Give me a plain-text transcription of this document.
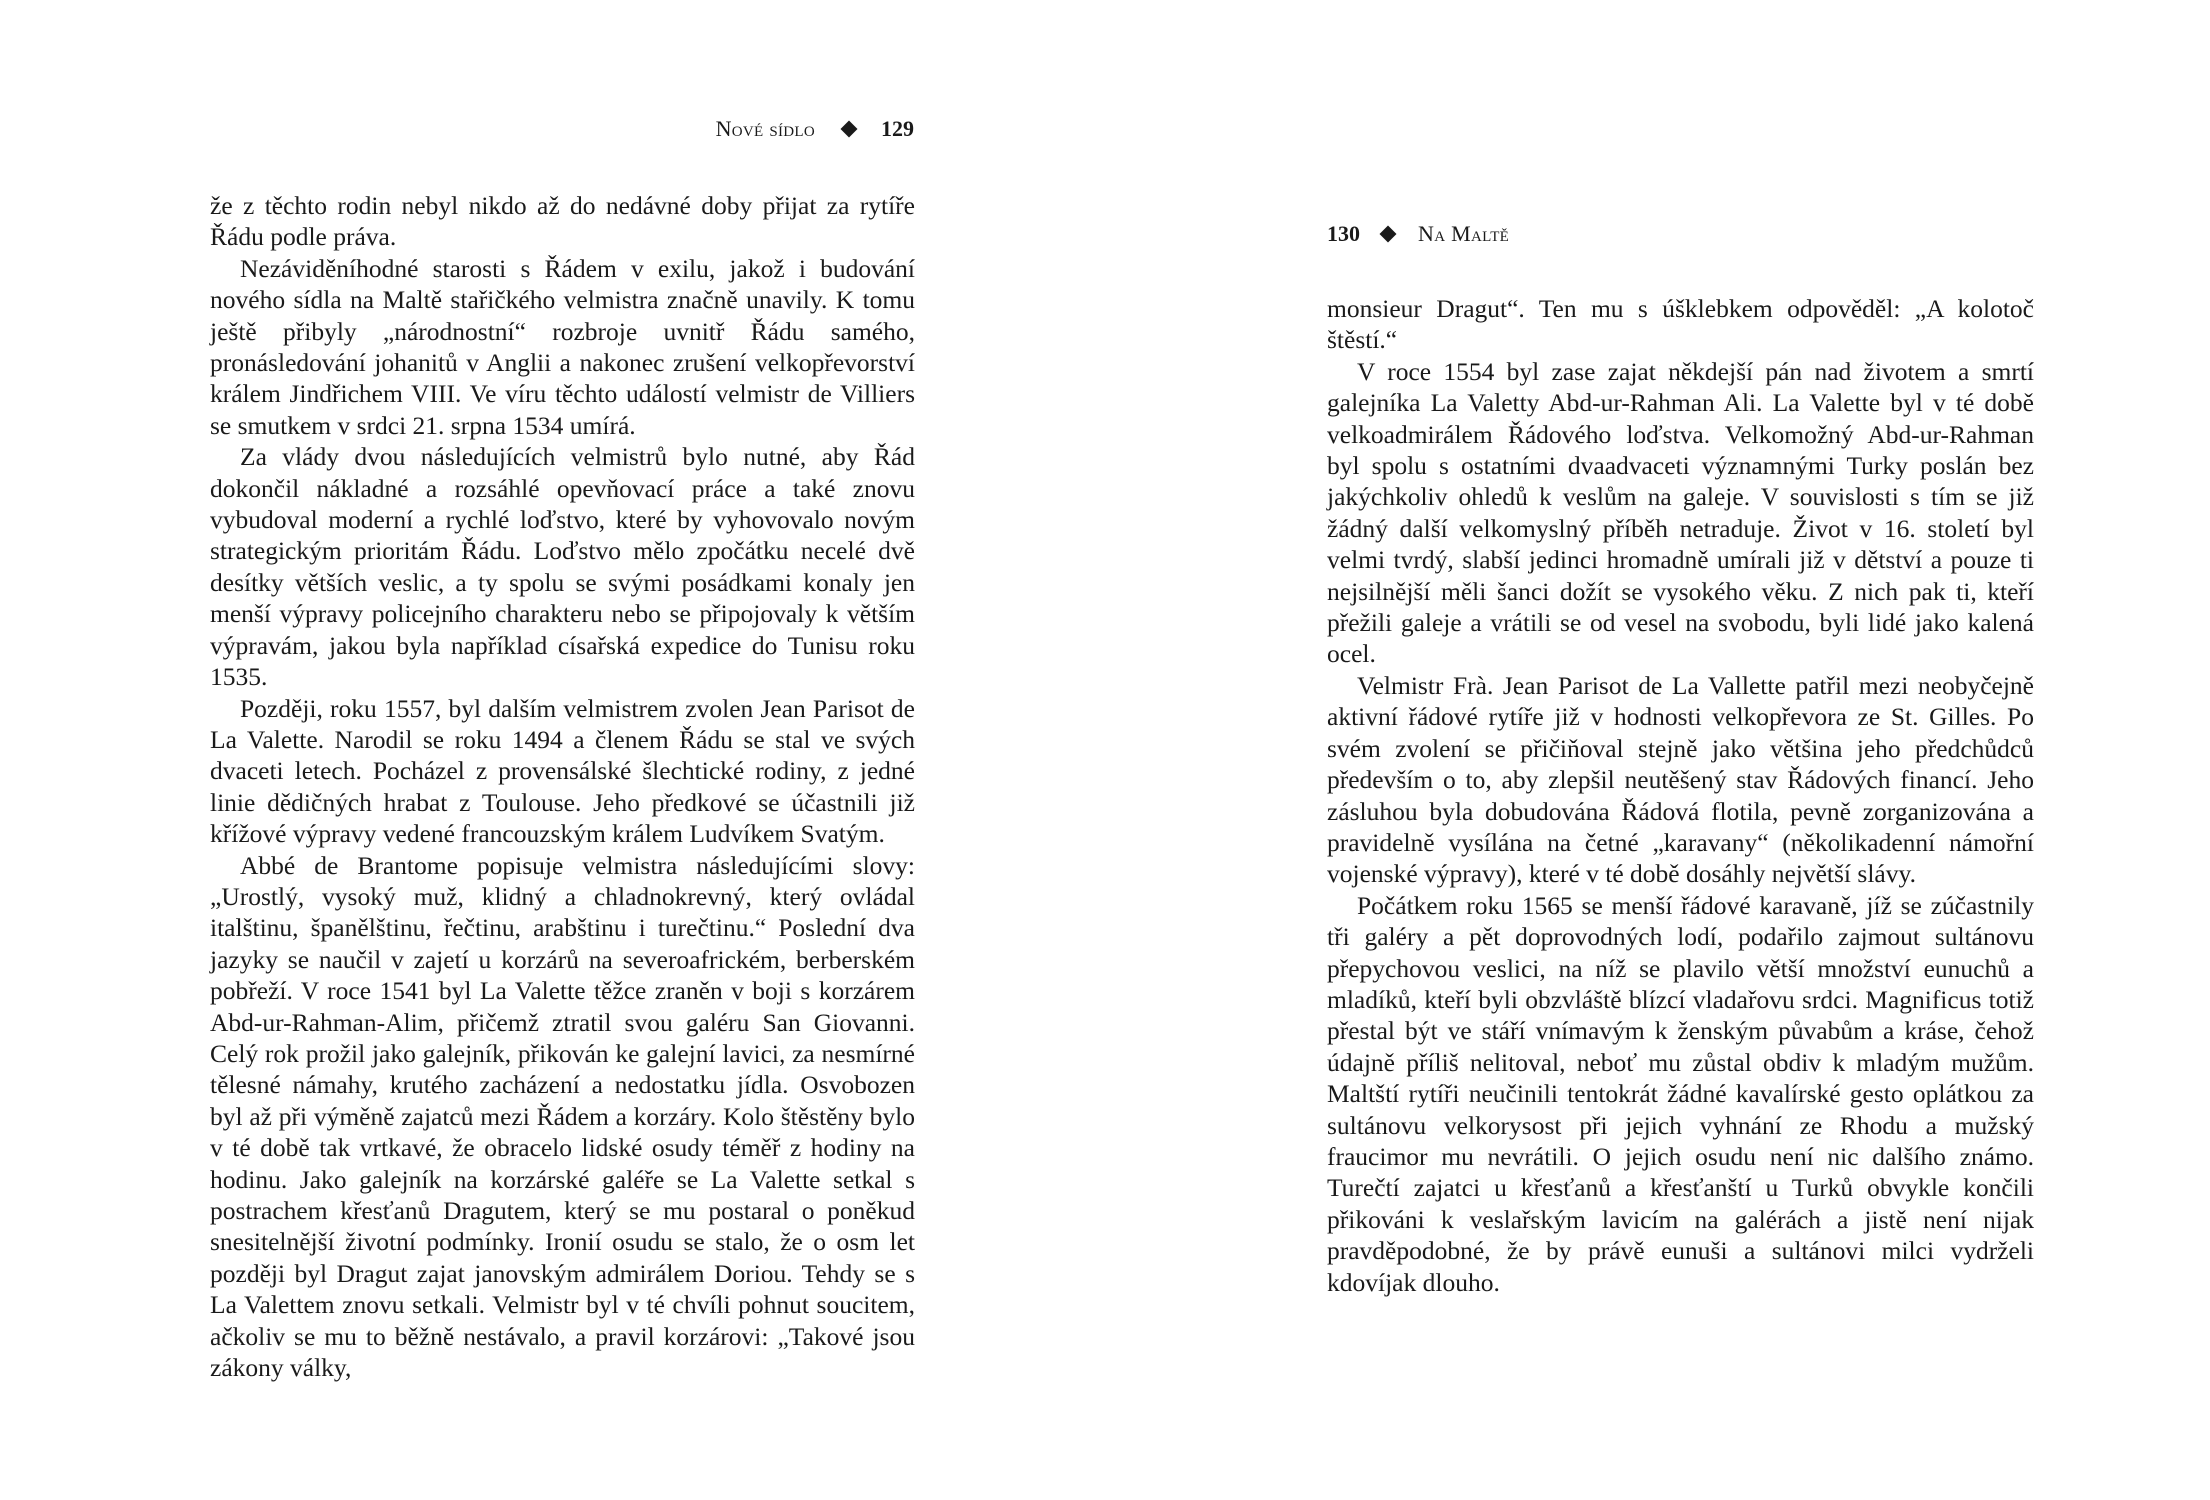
Nové sídlo	129

že z těchto rodin nebyl nikdo až do nedávné doby přijat za rytíře Řádu podle práva.

Nezáviděníhodné starosti s Řádem v exilu, jakož i budování nového sídla na Maltě stařičkého velmistra značně unavily. K tomu ještě přibyly „národnostní“ rozbroje uvnitř Řádu samého, pronásledování johanitů v Anglii a nakonec zrušení velkopřevorství králem Jindřichem VIII. Ve víru těchto událostí velmistr de Villiers se smutkem v srdci 21. srpna 1534 umírá.

Za vlády dvou následujících velmistrů bylo nutné, aby Řád dokončil nákladné a rozsáhlé opevňovací práce a také znovu vybudoval moderní a rychlé loďstvo, které by vyhovovalo novým strategickým prioritám Řádu. Loďstvo mělo zpočátku necelé dvě desítky větších veslic, a ty spolu se svými posádkami konaly jen menší výpravy policejního charakteru nebo se připojovaly k větším výpravám, jakou byla například císařská expedice do Tunisu roku 1535.

Později, roku 1557, byl dalším velmistrem zvolen Jean Parisot de La Valette. Narodil se roku 1494 a členem Řádu se stal ve svých dvaceti letech. Pocházel z provensálské šlechtické rodiny, z jedné linie dědičných hrabat z Toulouse. Jeho předkové se účastnili již křížové výpravy vedené francouzským králem Ludvíkem Svatým.

Abbé de Brantome popisuje velmistra následujícími slovy: „Urostlý, vysoký muž, klidný a chladnokrevný, který ovládal italštinu, španělštinu, řečtinu, arabštinu i turečtinu.“ Poslední dva jazyky se naučil v zajetí u korzárů na severoafrickém, berberském pobřeží. V roce 1541 byl La Valette těžce zraněn v boji s korzárem Abd-ur-Rahman-Alim, přičemž ztratil svou galéru San Giovanni. Celý rok prožil jako galejník, přikován ke galejní lavici, za nesmírné tělesné námahy, krutého zacházení a nedostatku jídla. Osvobozen byl až při výměně zajatců mezi Řádem a korzáry. Kolo štěstěny bylo v té době tak vrtkavé, že obracelo lidské osudy téměř z hodiny na hodinu. Jako galejník na korzárské galéře se La Valette setkal s postrachem křesťanů Dragutem, který se mu postaral o poněkud snesitelnější životní podmínky. Ironií osudu se stalo, že o osm let později byl Dragut zajat janovským admirálem Doriou. Tehdy se s La Valettem znovu setkali. Velmistr byl v té chvíli pohnut soucitem, ačkoliv se mu to běžně nestávalo, a pravil korzárovi: „Takové jsou zákony války,

130	Na Maltě

monsieur Dragut“. Ten mu s úšklebkem odpověděl: „A kolotoč štěstí.“

V roce 1554 byl zase zajat někdejší pán nad životem a smrtí galejníka La Valetty Abd-ur-Rahman Ali. La Valette byl v té době velkoadmirálem Řádového loďstva. Velkomožný Abd-ur-Rahman byl spolu s ostatními dvaadvaceti významnými Turky poslán bez jakýchkoliv ohledů k veslům na galeje. V souvislosti s tím se již žádný další velkomyslný příběh netraduje. Život v 16. století byl velmi tvrdý, slabší jedinci hromadně umírali již v dětství a pouze ti nejsilnější měli šanci dožít se vysokého věku. Z nich pak ti, kteří přežili galeje a vrátili se od vesel na svobodu, byli lidé jako kalená ocel.

Velmistr Frà. Jean Parisot de La Vallette patřil mezi neobyčejně aktivní řádové rytíře již v hodnosti velkopřevora ze St. Gilles. Po svém zvolení se přičiňoval stejně jako většina jeho předchůdců především o to, aby zlepšil neutěšený stav Řádových financí. Jeho zásluhou byla dobudována Řádová flotila, pevně zorganizována a pravidelně vysílána na četné „karavany“ (několikadenní námořní vojenské výpravy), které v té době dosáhly největší slávy.

Počátkem roku 1565 se menší řádové karavaně, jíž se zúčastnily tři galéry a pět doprovodných lodí, podařilo zajmout sultánovu přepychovou veslici, na níž se plavilo větší množství eunuchů a mladíků, kteří byli obzvláště blízcí vladařovu srdci. Magnificus totiž přestal být ve stáří vnímavým k ženským půvabům a kráse, čehož údajně příliš nelitoval, neboť mu zůstal obdiv k mladým mužům. Maltští rytíři neučinili tentokrát žádné kavalírské gesto oplátkou za sultánovu velkorysost při jejich vyhnání ze Rhodu a mužský fraucimor mu nevrátili. O jejich osudu není nic dalšího známo. Turečtí zajatci u křesťanů a křesťanští u Turků obvykle končili přikováni k veslařským lavicím na galérách a jistě není nijak pravděpodobné, že by právě eunuši a sultánovi milci vydrželi kdovíjak dlouho.
